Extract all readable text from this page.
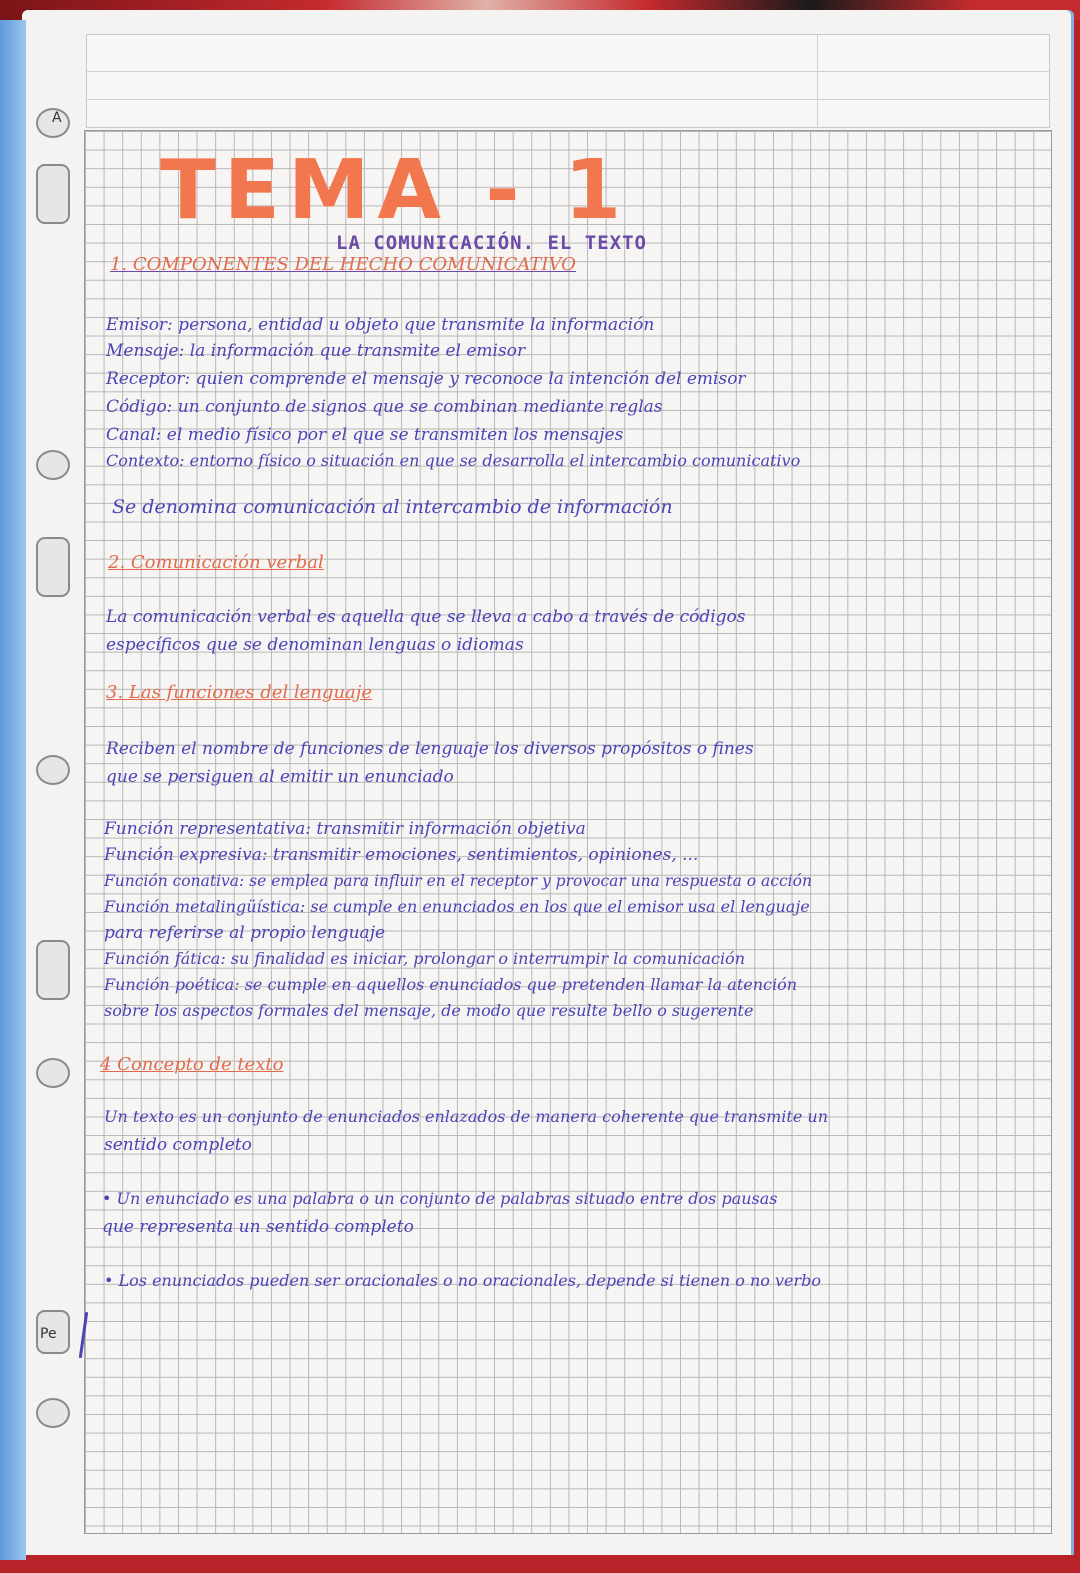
A
Pe
TEMA - 1
LA COMUNICACIÓN. EL TEXTO
1. COMPONENTES DEL HECHO COMUNICATIVO
Emisor: persona, entidad u objeto que transmite la información
Mensaje: la información que transmite el emisor
Receptor: quien comprende el mensaje y reconoce la intención del emisor
Código: un conjunto de signos que se combinan mediante reglas
Canal: el medio físico por el que se transmiten los mensajes
Contexto: entorno físico o situación en que se desarrolla el intercambio comunicativo
Se denomina comunicación al intercambio de información
2. Comunicación verbal
La comunicación verbal es aquella que se lleva a cabo a través de códigos
específicos que se denominan lenguas o idiomas
3. Las funciones del lenguaje
Reciben el nombre de funciones de lenguaje los diversos propósitos o fines
que se persiguen al emitir un enunciado
Función representativa: transmitir información objetiva
Función expresiva: transmitir emociones, sentimientos, opiniones, ...
Función conativa: se emplea para influir en el receptor y provocar una respuesta o acción
Función metalingüística: se cumple en enunciados en los que el emisor usa el lenguaje
para referirse al propio lenguaje
Función fática: su finalidad es iniciar, prolongar o interrumpir la comunicación
Función poética: se cumple en aquellos enunciados que pretenden llamar la atención
sobre los aspectos formales del mensaje, de modo que resulte bello o sugerente
4 Concepto de texto
Un texto es un conjunto de enunciados enlazados de manera coherente que transmite un
sentido completo
• Un enunciado es una palabra o un conjunto de palabras situado entre dos pausas
que representa un sentido completo
• Los enunciados pueden ser oracionales o no oracionales, depende si tienen o no verbo
